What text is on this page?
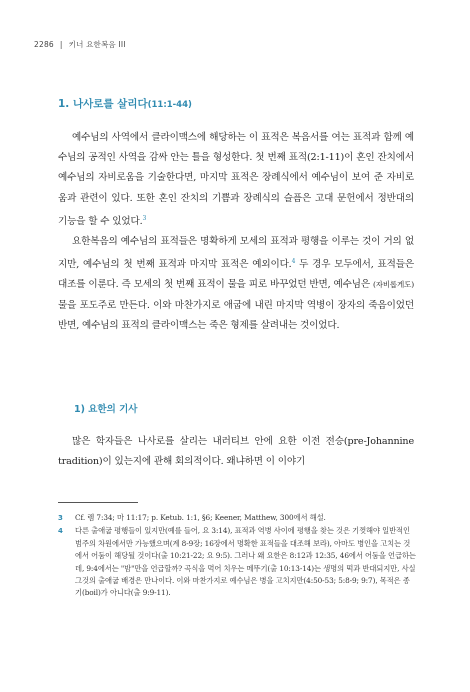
2286 | 키너 요한복음 III
1. 나사로를 살리다(11:1-44)

예수님의 사역에서 클라이맥스에 해당하는 이 표적은 복음서를 여는 표적과 함께 예수님의 공적인 사역을 감싸 안는 틀을 형성한다. 첫 번째 표적(2:1-11)이 혼인 잔치에서 예수님의 자비로움을 기술한다면, 마지막 표적은 장례식에서 예수님이 보여 준 자비로움과 관련이 있다. 또한 혼인 잔치의 기쁨과 장례식의 슬픔은 고대 문헌에서 정반대의 기능을 할 수 있었다.$^3$

요한복음의 예수님의 표적들은 명확하게 모세의 표적과 평행을 이루는 것이 거의 없지만, 예수님의 첫 번째 표적과 마지막 표적은 예외이다.$^4$ 두 경우 모두에서, 표적들은 대조를 이룬다. 즉 모세의 첫 번째 표적이 물을 피로 바꾸었던 반면, 예수님은 (자비롭게도) 물을 포도주로 만든다. 이와 마찬가지로 애굽에 내린 마지막 역병이 장자의 죽음이었던 반면, 예수님의 표적의 클라이맥스는 죽은 형제를 살려내는 것이었다.

1) 요한의 기사

많은 학자들은 나사로를 살리는 내러티브 안에 요한 이전 전승(pre-Johannine tradition)이 있는지에 관해 회의적이다. 왜냐하면 이 이야기

3 Cf. 렘 7:34; 마 11:17; p. Ketub. 1:1, §6; Keener, Matthew, 300에서 해설.
4 다른 출애굽 평행들이 있지만(예를 들어, 요 3:14), 표적과 역병 사이에 평행을 찾는 것은 기껏해야 일반적인 범주의 차원에서만 가능했으며(계 8-9장; 16장에서 명확한 표적들을 대조해 보라), 아마도 병인을 고치는 것에서 어둠이 해당될 것이다(출 10:21-22; 요 9:5). 그러나 왜 요한은 8:12과 12:35, 46에서 어둠을 언급하는데, 9:4에서는 "밤"만을 언급할까? 곡식을 먹어 치우는 메뚜기(출 10:13-14)는 생명의 떡과 반대되지만, 사실 그것의 출애굽 배경은 만나이다. 이와 마찬가지로 예수님은 병을 고치지만(4:50-53; 5:8-9; 9:7), 목적은 종기(boil)가 아니다(출 9:9-11).
